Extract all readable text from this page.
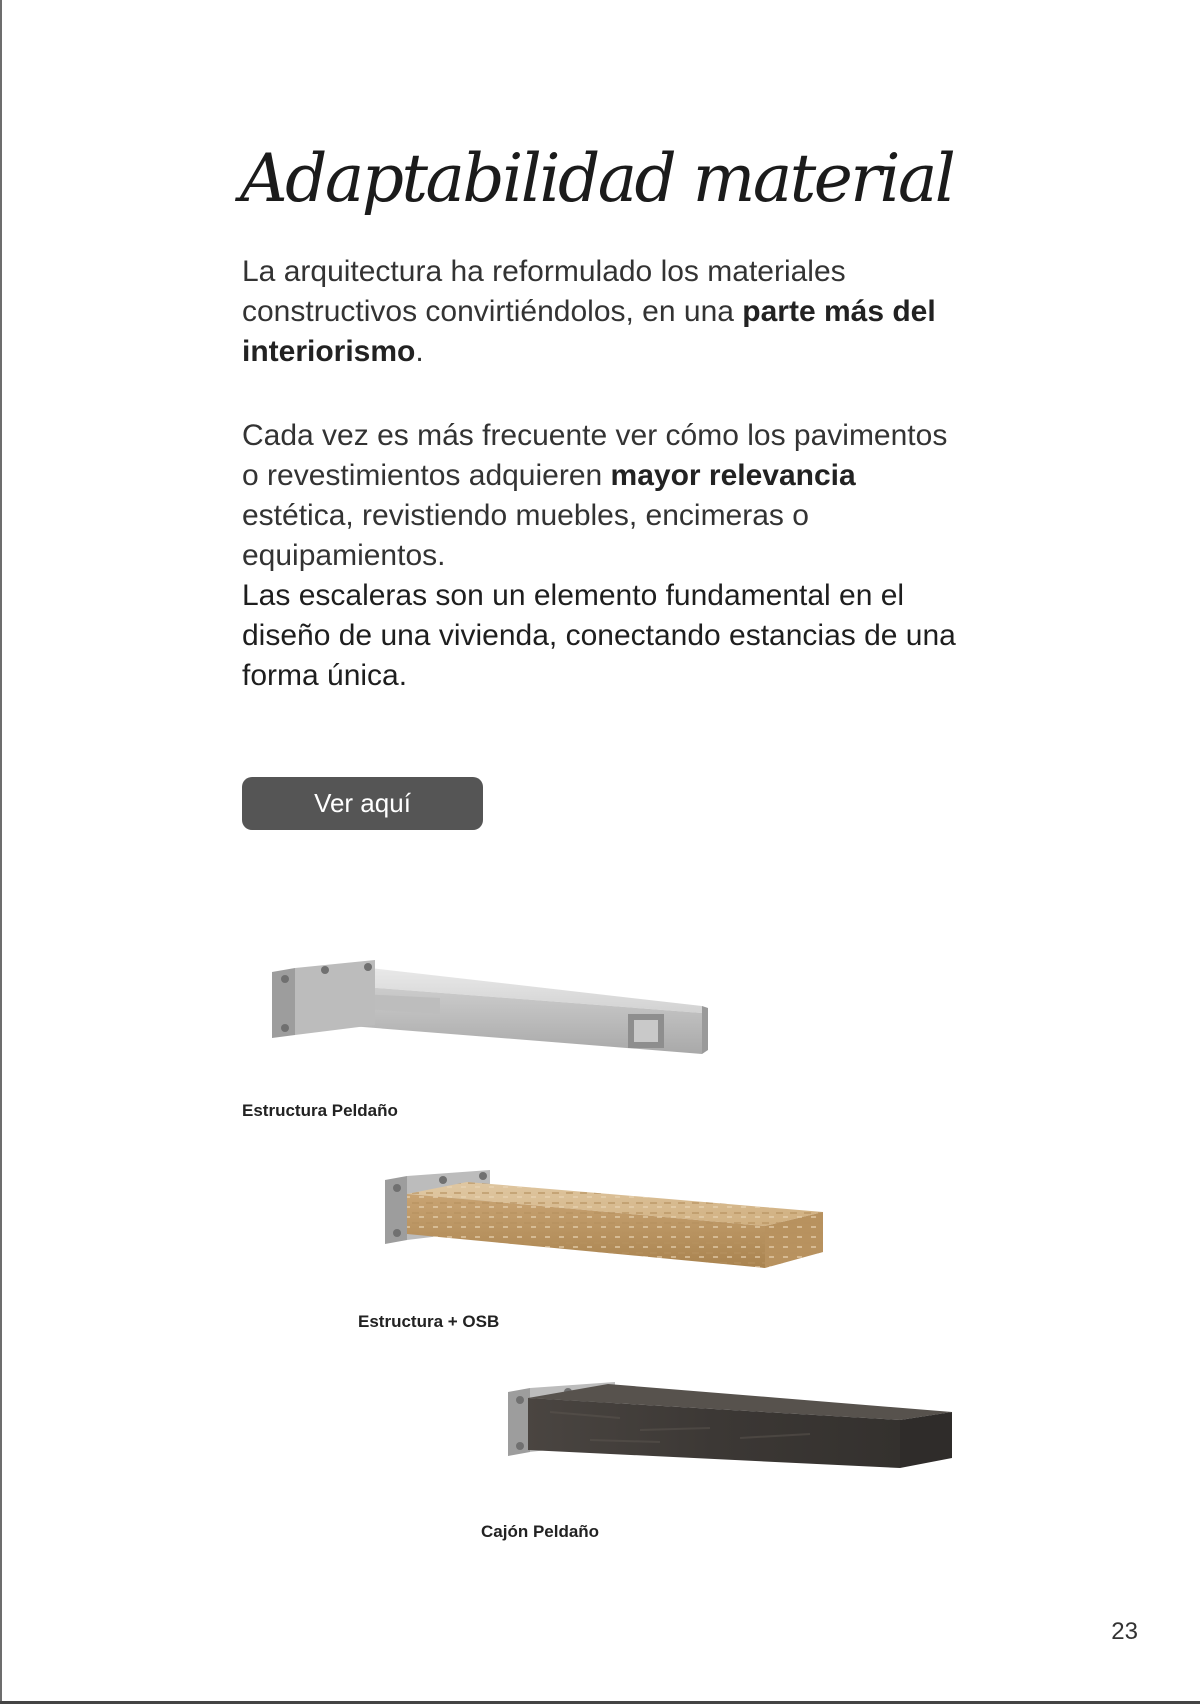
Adaptabilidad material

La arquitectura ha reformulado los materiales constructivos convirtiéndolos, en una parte más del interiorismo.

Cada vez es más frecuente ver cómo los pavimentos o revestimientos adquieren mayor relevancia estética, revistiendo muebles, encimeras o equipamientos.

Las escaleras son un elemento fundamental en el diseño de una vivienda, conectando estancias de una forma única.

Ver aquí

Estructura Peldaño

Estructura + OSB

Cajón Peldaño

23
